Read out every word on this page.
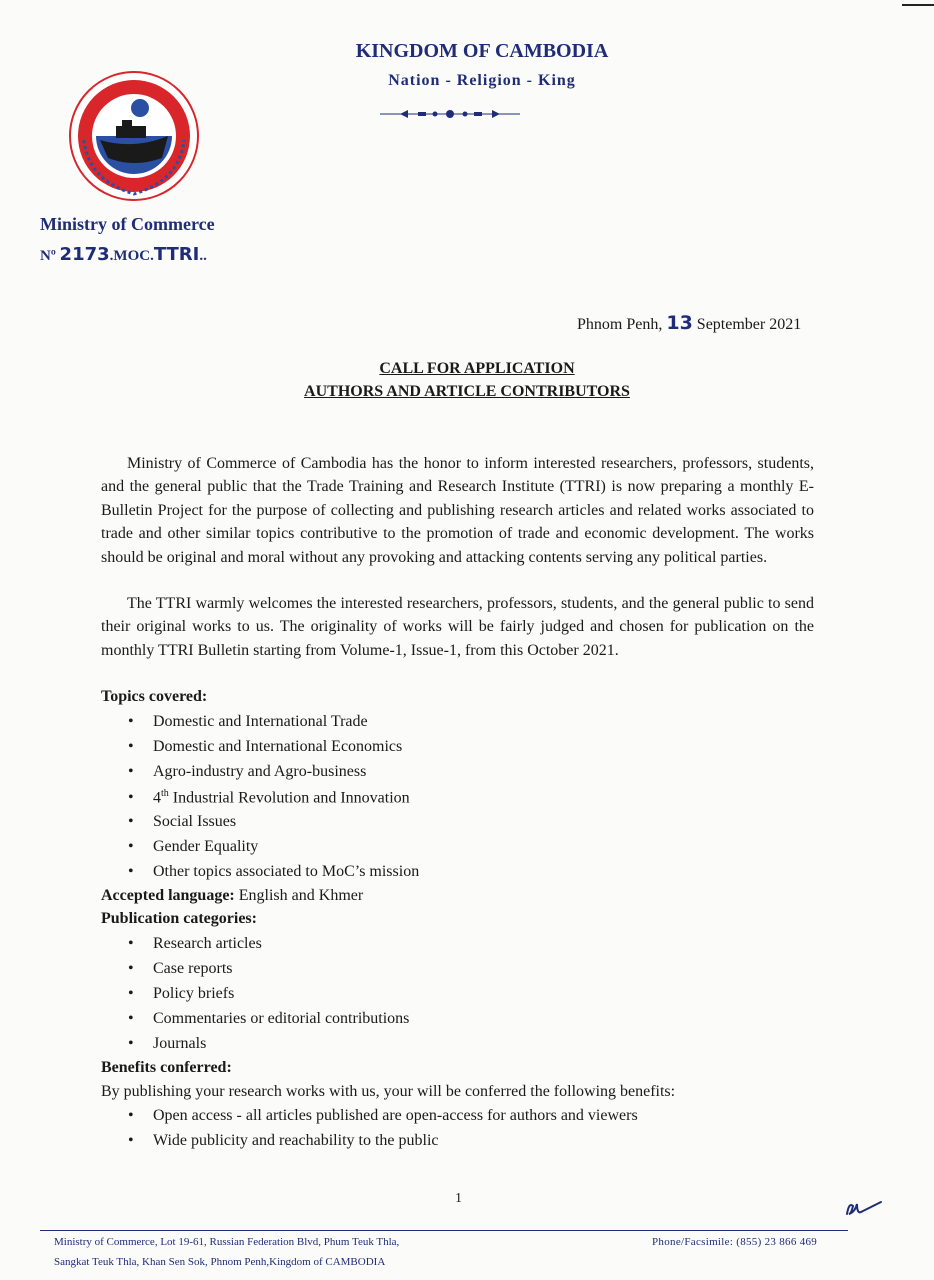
KINGDOM OF CAMBODIA
Nation - Religion - King
Ministry of Commerce
Nº 2173.MOC.TTRI..
Phnom Penh, 13 September 2021
CALL FOR APPLICATION
AUTHORS AND ARTICLE CONTRIBUTORS

Ministry of Commerce of Cambodia has the honor to inform interested researchers, professors, students, and the general public that the Trade Training and Research Institute (TTRI) is now preparing a monthly E-Bulletin Project for the purpose of collecting and publishing research articles and related works associated to trade and other similar topics contributive to the promotion of trade and economic development. The works should be original and moral without any provoking and attacking contents serving any political parties.

The TTRI warmly welcomes the interested researchers, professors, students, and the general public to send their original works to us. The originality of works will be fairly judged and chosen for publication on the monthly TTRI Bulletin starting from Volume-1, Issue-1, from this October 2021.

Topics covered:
• Domestic and International Trade
• Domestic and International Economics
• Agro-industry and Agro-business
• 4th Industrial Revolution and Innovation
• Social Issues
• Gender Equality
• Other topics associated to MoC’s mission
Accepted language: English and Khmer
Publication categories:
• Research articles
• Case reports
• Policy briefs
• Commentaries or editorial contributions
• Journals
Benefits conferred:
By publishing your research works with us, your will be conferred the following benefits:
• Open access - all articles published are open-access for authors and viewers
• Wide publicity and reachability to the public
1
Ministry of Commerce, Lot 19-61, Russian Federation Blvd, Phum Teuk Thla,
Sangkat Teuk Thla, Khan Sen Sok, Phnom Penh,Kingdom of CAMBODIA
Phone/Facsimile: (855) 23 866 469
